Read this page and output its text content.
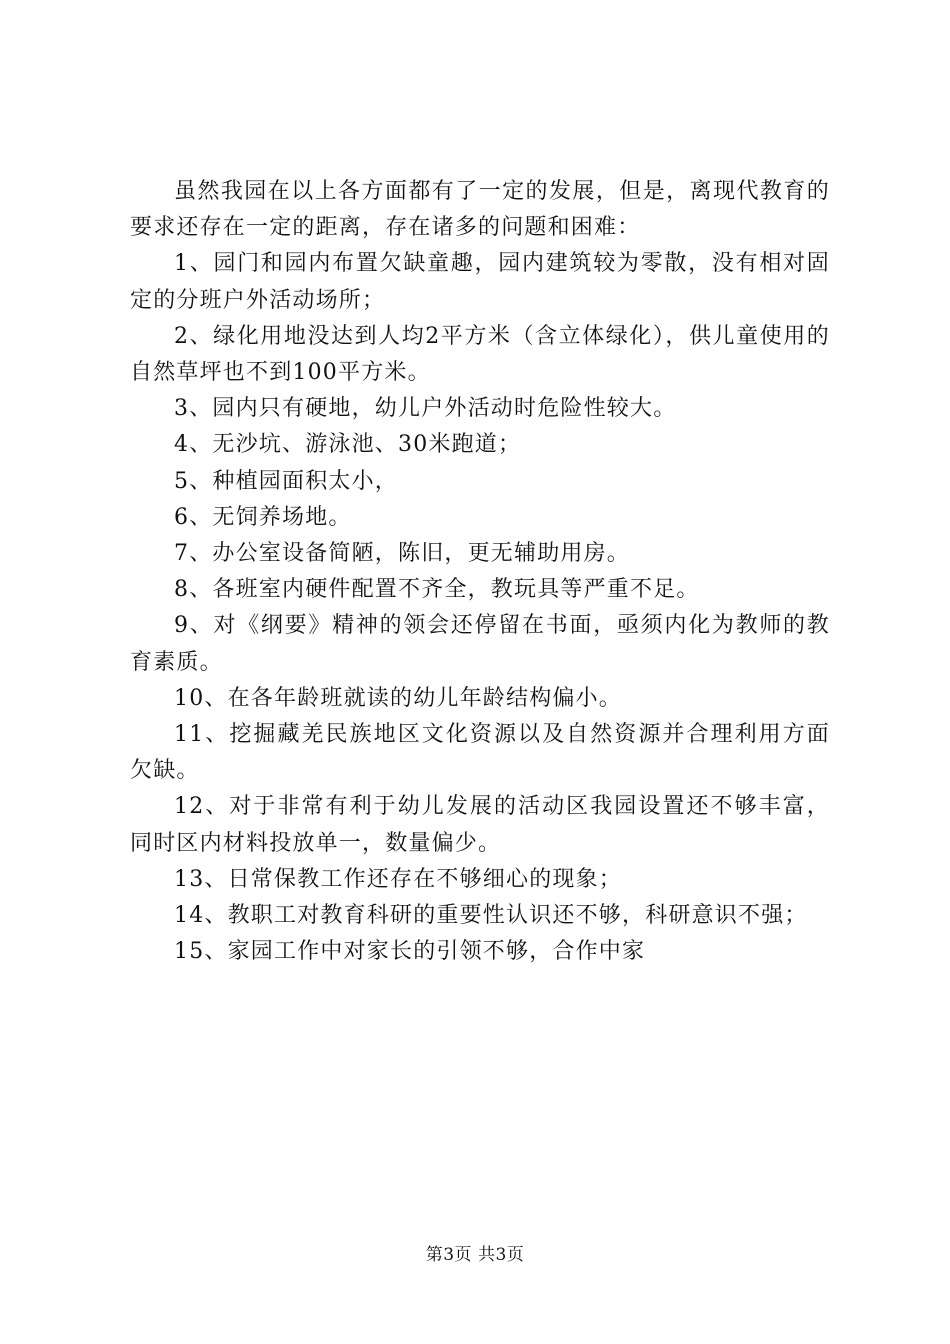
虽然我园在以上各方面都有了一定的发展，但是，离现代教育的要求还存在一定的距离，存在诸多的问题和困难：

1、园门和园内布置欠缺童趣，园内建筑较为零散，没有相对固定的分班户外活动场所；

2、绿化用地没达到人均2平方米（含立体绿化），供儿童使用的自然草坪也不到100平方米。

3、园内只有硬地，幼儿户外活动时危险性较大。

4、无沙坑、游泳池、30米跑道；

5、种植园面积太小，

6、无饲养场地。

7、办公室设备简陋，陈旧，更无辅助用房。

8、各班室内硬件配置不齐全，教玩具等严重不足。

9、对《纲要》精神的领会还停留在书面，亟须内化为教师的教育素质。

10、在各年龄班就读的幼儿年龄结构偏小。

11、挖掘藏羌民族地区文化资源以及自然资源并合理利用方面欠缺。

12、对于非常有利于幼儿发展的活动区我园设置还不够丰富，同时区内材料投放单一，数量偏少。

13、日常保教工作还存在不够细心的现象；

14、教职工对教育科研的重要性认识还不够，科研意识不强；

15、家园工作中对家长的引领不够，合作中家

第3页 共3页
